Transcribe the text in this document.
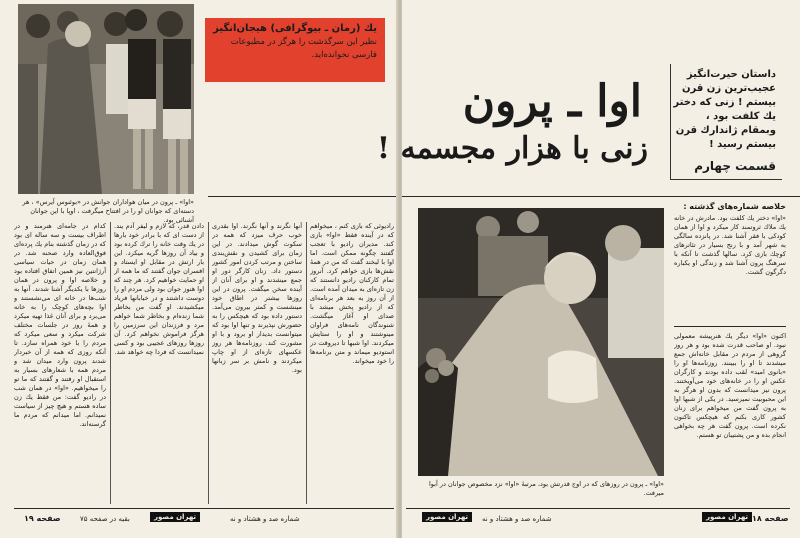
یك (رمان ـ بیوگرافی) هیجان‌انگیز
نظیر این سرگذشت را هرگز در مطبوعات
فارسی نخوانده‌اید.
«اوا» ـ پرون در میان هواداران جوانش در «بوئنوس آیرس» ، هر دسته‌ای که جوانان او را در افتتاح میگرفت ، اوپا با این جوانان آشنائی بود.
کدام در جامه‌ای هنرمند و در اطراف بیست و سه ساله ای بود که در زمان گذشته بنام یك پرده‌ای فوق‌العاده وارد صحنه شد. در همان زمان در حیات سیاسی آرژانتین نیز همین اتفاق افتاده بود و خلاصه اوا و پرون در همان روزها با یکدیگر آشنا شدند. آنها به شب‌ها در خانه ای می‌نشستند و اوا بچه‌های کوچک را به خانه می‌برد و برای آنان غذا تهیه میکرد و همهٔ روز در جلسات مختلف شرکت میکرد و سعی میکرد که مردم را با خود همراه سازد. تا آنکه روزی که همه از آن خبردار شدند پرون وارد میدان شد و مردم همه با شعارهای بسیار به استقبال او رفتند و گفتند که ما تو را میخواهیم. «اوا» در همان شب در رادیو گفت: من فقط یك زن ساده هستم و هیچ چیز از سیاست نمیدانم. اما میدانم که مردم ما گرسنه‌اند.
دادن قدر، که لازم و لیفر آدم یند. از دست ای که با برادر خود بارها در یك وقت خانه را ترك کرده بود و بیاد آن روزها گریه میکرد. این بار ارتش در مقابل او ایستاد و افسران جوان گفتند که ما همه از او حمایت خواهیم کرد. هر چند که اوا هنوز جوان بود ولی مردم او را دوست داشتند و در خیابانها فریاد میکشیدند. او گفت من بخاطر شما زنده‌ام و بخاطر شما خواهم مرد و فرزندان این سرزمین را هرگز فراموش نخواهم کرد. آن روزها روزهای عجیبی بود و کسی نمیدانست که فردا چه خواهد شد.
آنها نگرند و آنها نگرند. اوا بقدری خوب حرف میزد که همه در سکوت گوش میدادند. در این زمان برای کشیدن و نقش‌بندی ساختن و مرتب کردن امور کشور دستور داد. زنان کارگر دور او جمع میشدند و او برای آنان از آینده سخن میگفت. پرون در این روزها بیشتر در اطاق خود مینشست و کمتر بیرون می‌آمد. دستور داده بود که هیچکس را به حضورش نپذیرند و تنها اوا بود که میتوانست بدیدار او برود و با او مشورت کند. روزنامه‌ها هر روز عکسهای تازه‌ای از او چاپ میکردند و نامش بر سر زبانها بود.
رادیوئی که بازی کنم ، میخواهم که در آینده فقط «اوا» بازی کند. مدیران رادیو با تعجب گفتند چگونه ممکن است. اما اوا با لبخند گفت که من در همهٔ نقش‌ها بازی خواهم کرد. آنروز تمام کارکنان رادیو دانستند که زن تازه‌ای به میدان آمده است. از آن روز به بعد هر برنامه‌ای که از رادیو پخش میشد با صدای او آغاز میگشت. شنوندگان نامه‌های فراوان مینوشتند و او را ستایش میکردند. اوا شبها تا دیروقت در استودیو میماند و متن برنامه‌ها را خود میخواند.
صفحه ۱۹	بقیه در صفحه ۷۵	تهران مصور	شماره صد و هشتاد و نه
داستان حیرت‌انگیز عجیب‌ترین زن قرن بیستم ! زنی که دختر یك کلفت بود ، وبمقام ژاندارك قرن بیستم رسید !
قسمت چهارم
«اوا» ـ پرون در روزهای که در اوج قدرتش بود، مرتبهٔ «اوا» نزد مخصوص جوانان در آبوا میرفت.
خلاصه شماره‌های گذشته :
«اوا» دختر یك کلفت بود. مادرش در خانه یك ملاك ثروتمند کار میکرد و اوا از همان کودکی با فقر آشنا شد. در پانزده سالگی به شهر آمد و با رنج بسیار در تئاترهای کوچك بازی کرد. سالها گذشت تا آنکه با سرهنگ پرون آشنا شد و زندگی او یکباره دگرگون گشت.
اکنون «اوا» دیگر یك هنرپیشه معمولی نبود. او صاحب قدرت شده بود و هر روز گروهی از مردم در مقابل خانه‌اش جمع میشدند تا او را ببینند. روزنامه‌ها او را «بانوی امید» لقب داده بودند و کارگران عکس او را در خانه‌های خود می‌آویختند. پرون نیز میدانست که بدون او هرگز به این محبوبیت نمیرسید. در یکی از شبها اوا به پرون گفت من میخواهم برای زنان کشور کاری بکنم که هیچکس تاکنون نکرده است. پرون گفت هر چه بخواهی انجام بده و من پشتیبان تو هستم.
شماره صد و هشتاد و نه
تهران مصور	تهران مصور صفحه ۱۸
اوا ـ پرون
زنی با هزار مجسمه !
